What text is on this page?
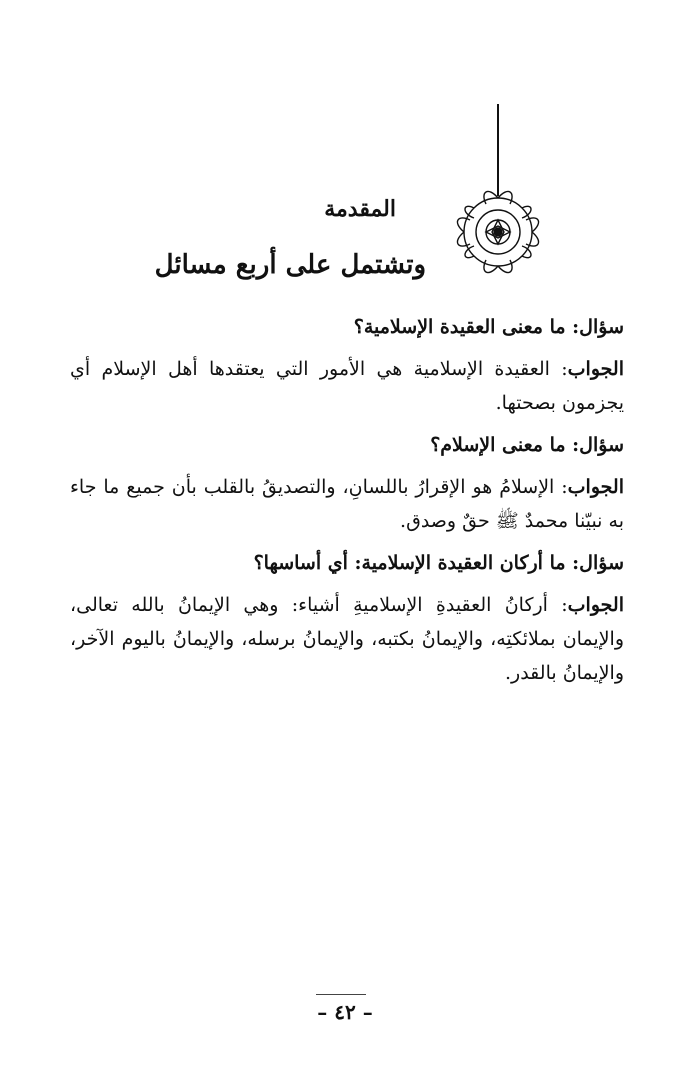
المقدمة
وتشتمل على أربع مسائل

سؤال: ما معنى العقيدة الإسلامية؟

الجواب: العقيدة الإسلامية هي الأمور التي يعتقدها أهل الإسلام أي يجزمون بصحتها.

سؤال: ما معنى الإسلام؟

الجواب: الإسلامُ هو الإقرارُ باللسانِ، والتصديقُ بالقلب بأن جميع ما جاء به نبيّنا محمدٌ ﷺ حقٌ وصدق.

سؤال: ما أركان العقيدة الإسلامية: أي أساسها؟

الجواب: أركانُ العقيدةِ الإسلاميةِ أشياء: وهي الإيمانُ بالله تعالى، والإيمان بملائكتِه، والإيمانُ بكتبه، والإيمانُ برسله، والإيمانُ باليوم الآخر، والإيمانُ بالقدر.

– ٤٢ –
